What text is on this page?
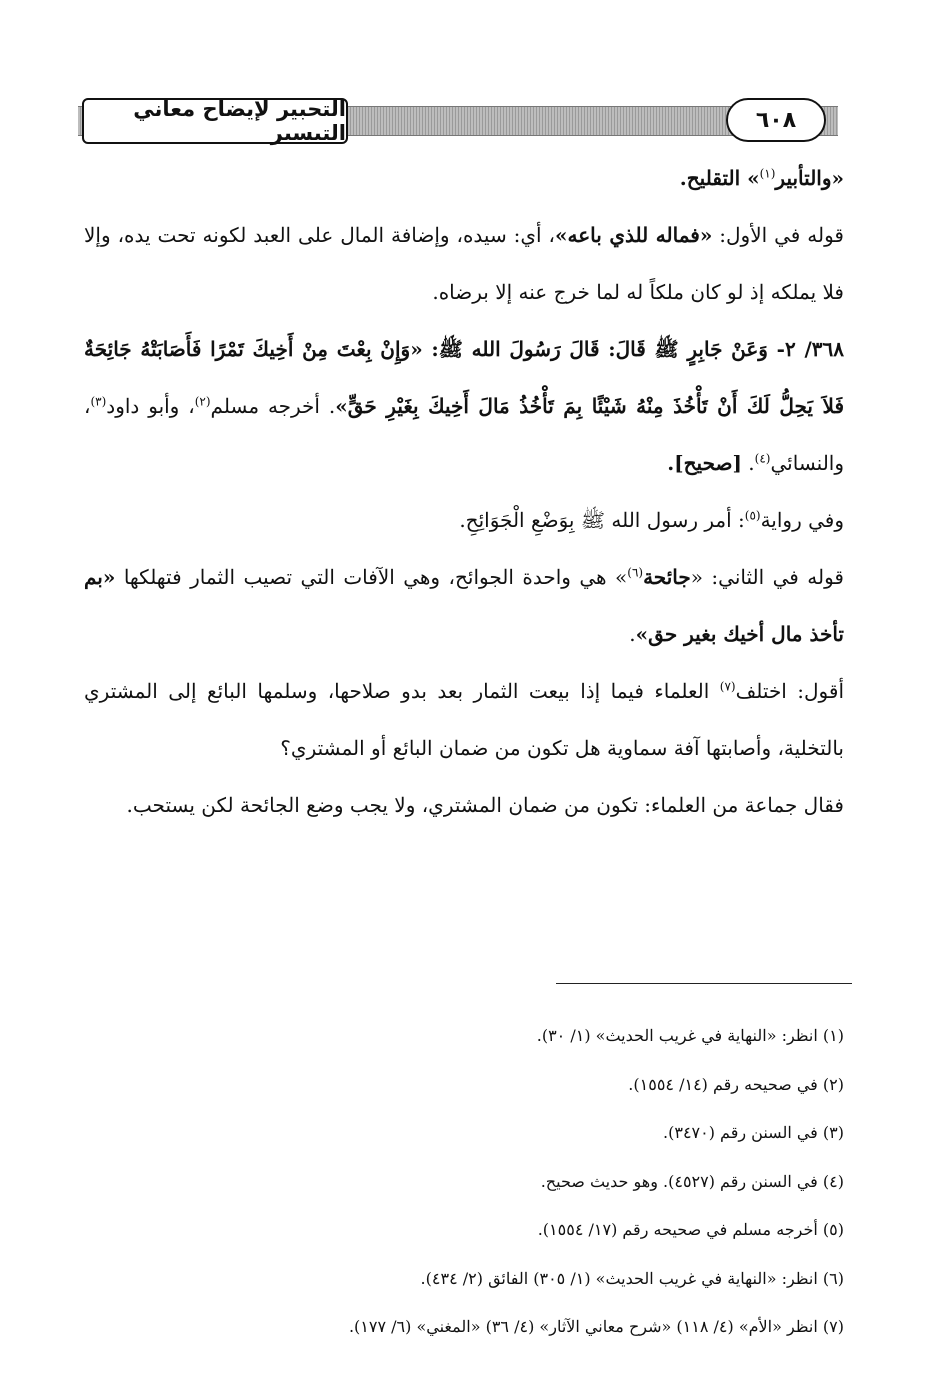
التحبير لإيضاح معاني التيسير
٦٠٨

«والتأبير$^{(١)}$» التقليح.

قوله في الأول: «فماله للذي باعه»، أي: سيده، وإضافة المال على العبد لكونه تحت يده، وإلا فلا يملكه إذ لو كان ملكاً له لما خرج عنه إلا برضاه.

٣٦٨/ ٢- وَعَنْ جَابِرٍ ﷺ قَالَ: قَالَ رَسُولَ الله ﷺ: «وَإِنْ بِعْتَ مِنْ أَخِيكَ تَمْرًا فَأَصَابَتْهُ جَائِحَةٌ فَلاَ يَحِلُّ لَكَ أَنْ تَأْخُذَ مِنْهُ شَيْئًا بِمَ تَأْخُذُ مَالَ أَخِيكَ بِغَيْرِ حَقٍّ». أخرجه مسلم$^{(٢)}$، وأبو داود$^{(٣)}$، والنسائي$^{(٤)}$. [صحيح].

وفي رواية$^{(٥)}$: أمر رسول الله ﷺ بِوَضْعِ الْجَوَائِحِ.

قوله في الثاني: «جائحة$^{(٦)}$» هي واحدة الجوائح، وهي الآفات التي تصيب الثمار فتهلكها «بم تأخذ مال أخيك بغير حق».

أقول: اختلف$^{(٧)}$ العلماء فيما إذا بيعت الثمار بعد بدو صلاحها، وسلمها البائع إلى المشتري بالتخلية، وأصابتها آفة سماوية هل تكون من ضمان البائع أو المشتري؟

فقال جماعة من العلماء: تكون من ضمان المشتري، ولا يجب وضع الجائحة لكن يستحب.

(١) انظر: «النهاية في غريب الحديث» (١/ ٣٠).

(٢) في صحيحه رقم (١٤/ ١٥٥٤).

(٣) في السنن رقم (٣٤٧٠).

(٤) في السنن رقم (٤٥٢٧). وهو حديث صحيح.

(٥) أخرجه مسلم في صحيحه رقم (١٧/ ١٥٥٤).

(٦) انظر: «النهاية في غريب الحديث» (١/ ٣٠٥) الفائق (٢/ ٤٣٤).

(٧) انظر «الأم» (٤/ ١١٨) «شرح معاني الآثار» (٤/ ٣٦) «المغني» (٦/ ١٧٧).
